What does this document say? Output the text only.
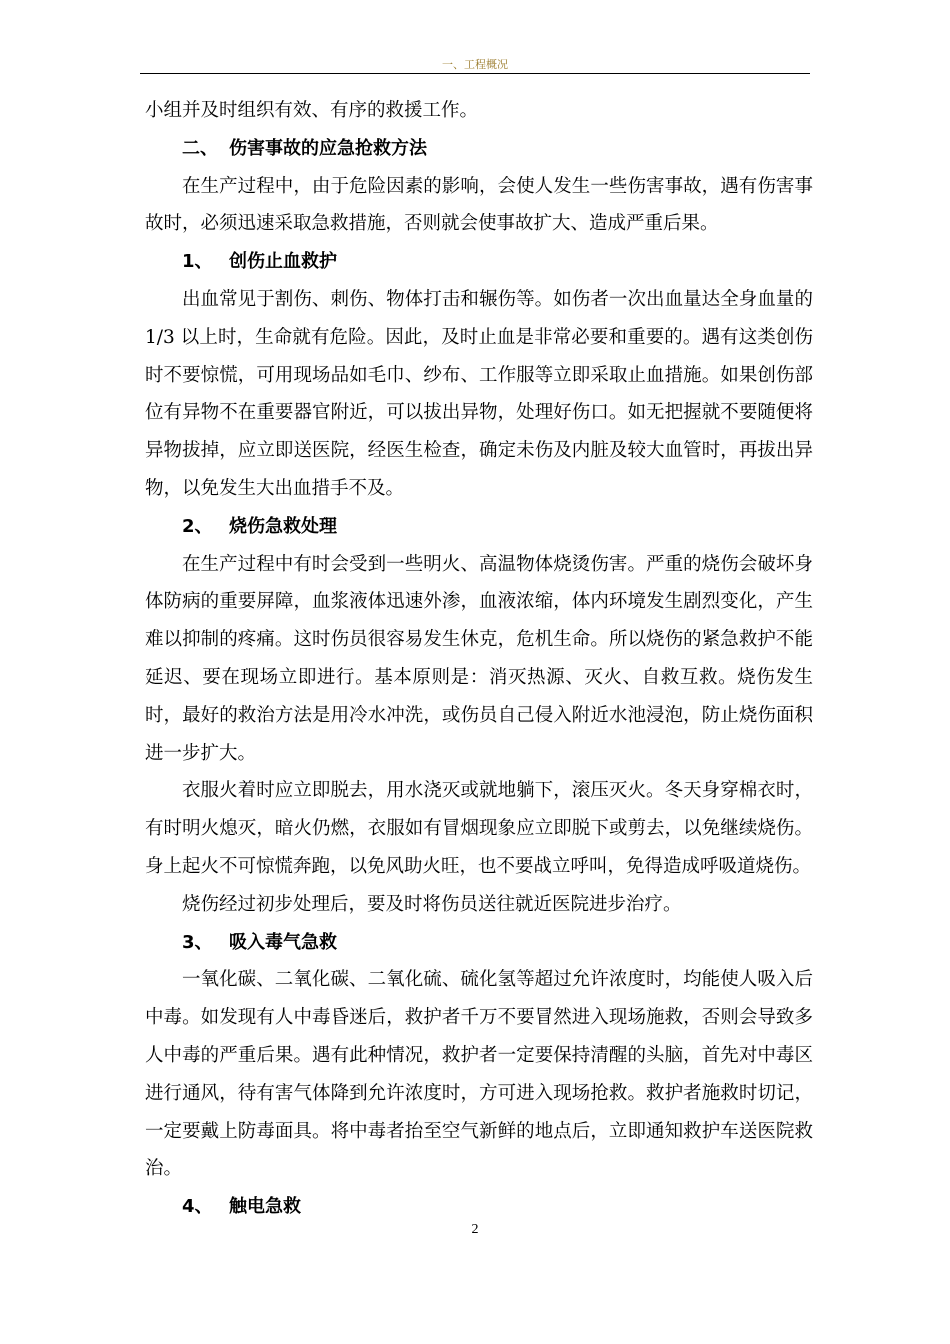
一、工程概况

小组并及时组织有效、有序的救援工作。

二、 伤害事故的应急抢救方法

在生产过程中，由于危险因素的影响，会使人发生一些伤害事故，遇有伤害事故时，必须迅速采取急救措施，否则就会使事故扩大、造成严重后果。

1、 创伤止血救护

出血常见于割伤、刺伤、物体打击和辗伤等。如伤者一次出血量达全身血量的 1/3 以上时，生命就有危险。因此，及时止血是非常必要和重要的。遇有这类创伤时不要惊慌，可用现场品如毛巾、纱布、工作服等立即采取止血措施。如果创伤部位有异物不在重要器官附近，可以拔出异物，处理好伤口。如无把握就不要随便将异物拔掉，应立即送医院，经医生检查，确定未伤及内脏及较大血管时，再拔出异物，以免发生大出血措手不及。

2、 烧伤急救处理

在生产过程中有时会受到一些明火、高温物体烧烫伤害。严重的烧伤会破坏身体防病的重要屏障，血浆液体迅速外渗，血液浓缩，体内环境发生剧烈变化，产生难以抑制的疼痛。这时伤员很容易发生休克，危机生命。所以烧伤的紧急救护不能延迟、要在现场立即进行。基本原则是：消灭热源、灭火、自救互救。烧伤发生时，最好的救治方法是用冷水冲洗，或伤员自己侵入附近水池浸泡，防止烧伤面积进一步扩大。

衣服火着时应立即脱去，用水浇灭或就地躺下，滚压灭火。冬天身穿棉衣时，有时明火熄灭，暗火仍燃，衣服如有冒烟现象应立即脱下或剪去，以免继续烧伤。身上起火不可惊慌奔跑，以免风助火旺，也不要战立呼叫，免得造成呼吸道烧伤。

烧伤经过初步处理后，要及时将伤员送往就近医院进步治疗。

3、 吸入毒气急救

一氧化碳、二氧化碳、二氧化硫、硫化氢等超过允许浓度时，均能使人吸入后中毒。如发现有人中毒昏迷后，救护者千万不要冒然进入现场施救，否则会导致多人中毒的严重后果。遇有此种情况，救护者一定要保持清醒的头脑，首先对中毒区进行通风，待有害气体降到允许浓度时，方可进入现场抢救。救护者施救时切记，一定要戴上防毒面具。将中毒者抬至空气新鲜的地点后，立即通知救护车送医院救治。

4、 触电急救

2
